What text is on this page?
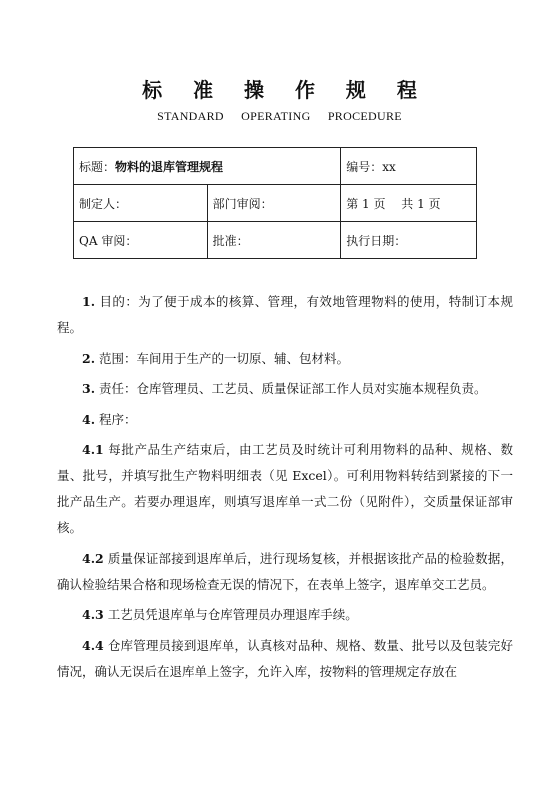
标 准 操 作 规 程
STANDARD OPERATING PROCEDURE
标题：物料的退库管理规程		编号：xx
制定人：	部门审阅：	第 1 页　 共 1 页
QA 审阅：	批准：	执行日期：

1. 目的：为了便于成本的核算、管理，有效地管理物料的使用，特制订本规程。

2. 范围：车间用于生产的一切原、辅、包材料。

3. 责任：仓库管理员、工艺员、质量保证部工作人员对实施本规程负责。

4. 程序：

4.1 每批产品生产结束后，由工艺员及时统计可利用物料的品种、规格、数量、批号，并填写批生产物料明细表（见 Excel）。可利用物料转结到紧接的下一批产品生产。若要办理退库，则填写退库单一式二份（见附件），交质量保证部审核。

4.2 质量保证部接到退库单后，进行现场复核，并根据该批产品的检验数据，确认检验结果合格和现场检查无误的情况下，在表单上签字，退库单交工艺员。

4.3 工艺员凭退库单与仓库管理员办理退库手续。

4.4 仓库管理员接到退库单，认真核对品种、规格、数量、批号以及包装完好情况，确认无误后在退库单上签字，允许入库，按物料的管理规定存放在
